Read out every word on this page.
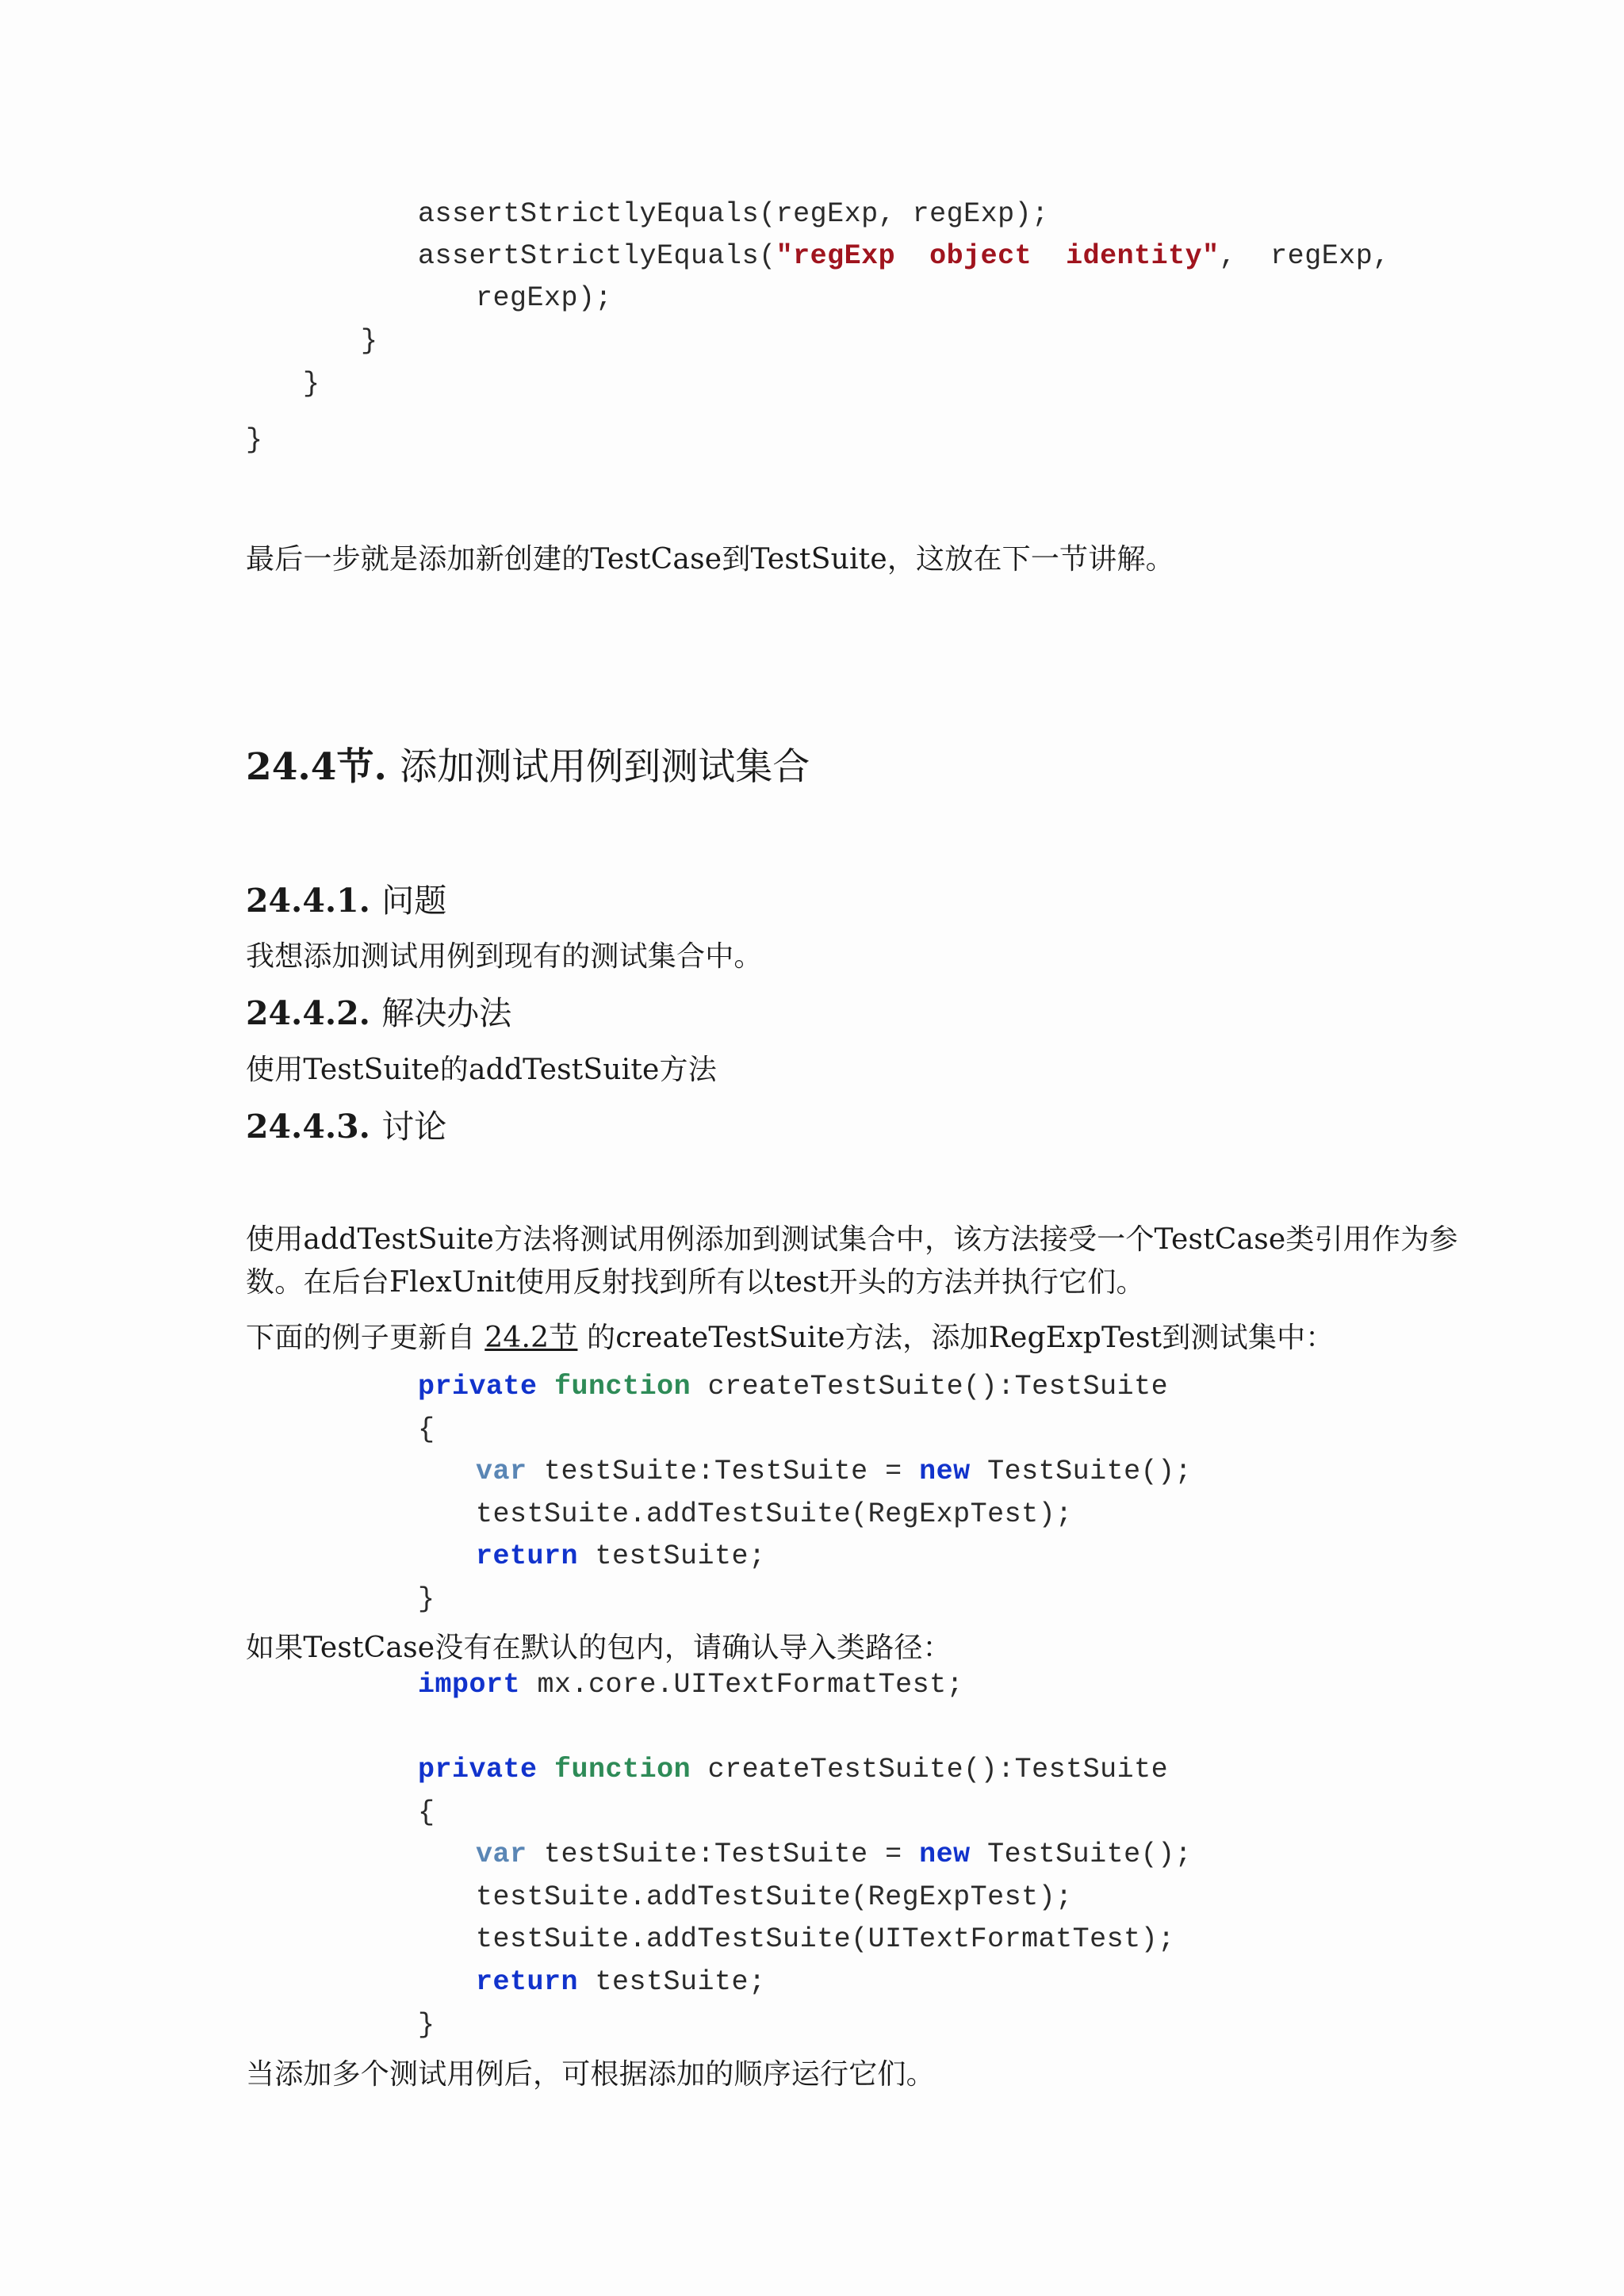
assertStrictlyEquals(regExp, regExp);
assertStrictlyEquals("regExp  object  identity",  regExp,
regExp);
}
}
}
最后一步就是添加新创建的TestCase到TestSuite，这放在下一节讲解。
24.4节. 添加测试用例到测试集合
24.4.1. 问题
我想添加测试用例到现有的测试集合中。
24.4.2. 解决办法
使用TestSuite的addTestSuite方法
24.4.3. 讨论
使用addTestSuite方法将测试用例添加到测试集合中，该方法接受一个TestCase类引用作为参
数。在后台FlexUnit使用反射找到所有以test开头的方法并执行它们。
下面的例子更新自 24.2节 的createTestSuite方法，添加RegExpTest到测试集中：
private function createTestSuite():TestSuite
{
var testSuite:TestSuite = new TestSuite();
testSuite.addTestSuite(RegExpTest);
return testSuite;
}
如果TestCase没有在默认的包内，请确认导入类路径：
import mx.core.UITextFormatTest;
private function createTestSuite():TestSuite
{
var testSuite:TestSuite = new TestSuite();
testSuite.addTestSuite(RegExpTest);
testSuite.addTestSuite(UITextFormatTest);
return testSuite;
}
当添加多个测试用例后，可根据添加的顺序运行它们。
